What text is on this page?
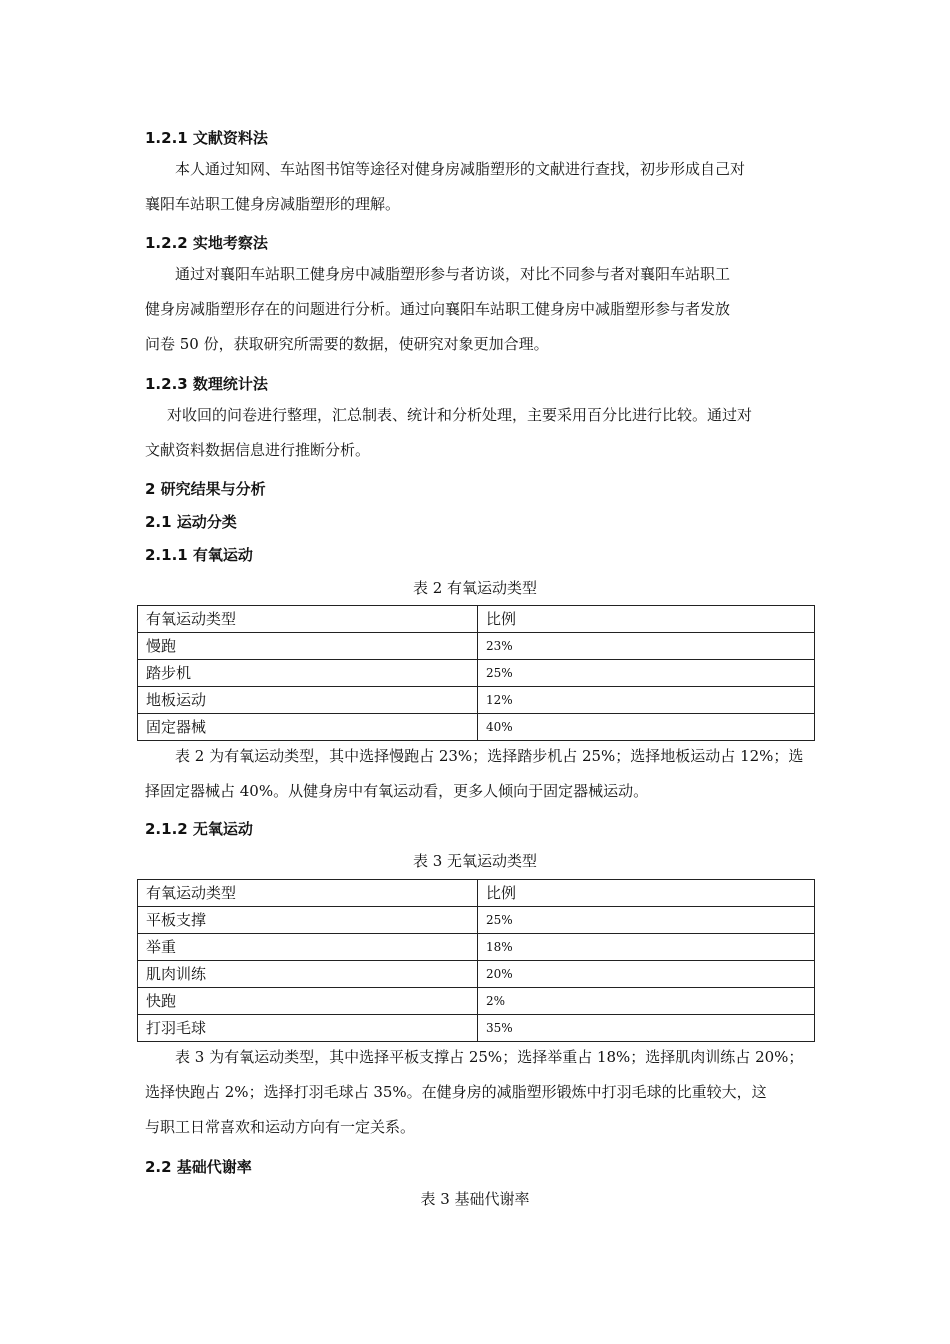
1.2.1 文献资料法
本人通过知网、车站图书馆等途径对健身房减脂塑形的文献进行查找，初步形成自己对
襄阳车站职工健身房减脂塑形的理解。
1.2.2 实地考察法
通过对襄阳车站职工健身房中减脂塑形参与者访谈，对比不同参与者对襄阳车站职工
健身房减脂塑形存在的问题进行分析。通过向襄阳车站职工健身房中减脂塑形参与者发放
问卷 50 份，获取研究所需要的数据，使研究对象更加合理。
1.2.3 数理统计法
对收回的问卷进行整理，汇总制表、统计和分析处理，主要采用百分比进行比较。通过对
文献资料数据信息进行推断分析。
2 研究结果与分析
2.1 运动分类
2.1.1 有氧运动
表 2 有氧运动类型
有氧运动类型	比例
慢跑	23%
踏步机	25%
地板运动	12%
固定器械	40%
表 2 为有氧运动类型，其中选择慢跑占 23%；选择踏步机占 25%；选择地板运动占 12%；选
择固定器械占 40%。从健身房中有氧运动看，更多人倾向于固定器械运动。
2.1.2 无氧运动
表 3 无氧运动类型
有氧运动类型	比例
平板支撑	25%
举重	18%
肌肉训练	20%
快跑	2%
打羽毛球	35%
表 3 为有氧运动类型，其中选择平板支撑占 25%；选择举重占 18%；选择肌肉训练占 20%；
选择快跑占 2%；选择打羽毛球占 35%。在健身房的减脂塑形锻炼中打羽毛球的比重较大，这
与职工日常喜欢和运动方向有一定关系。
2.2 基础代谢率
表 3 基础代谢率
